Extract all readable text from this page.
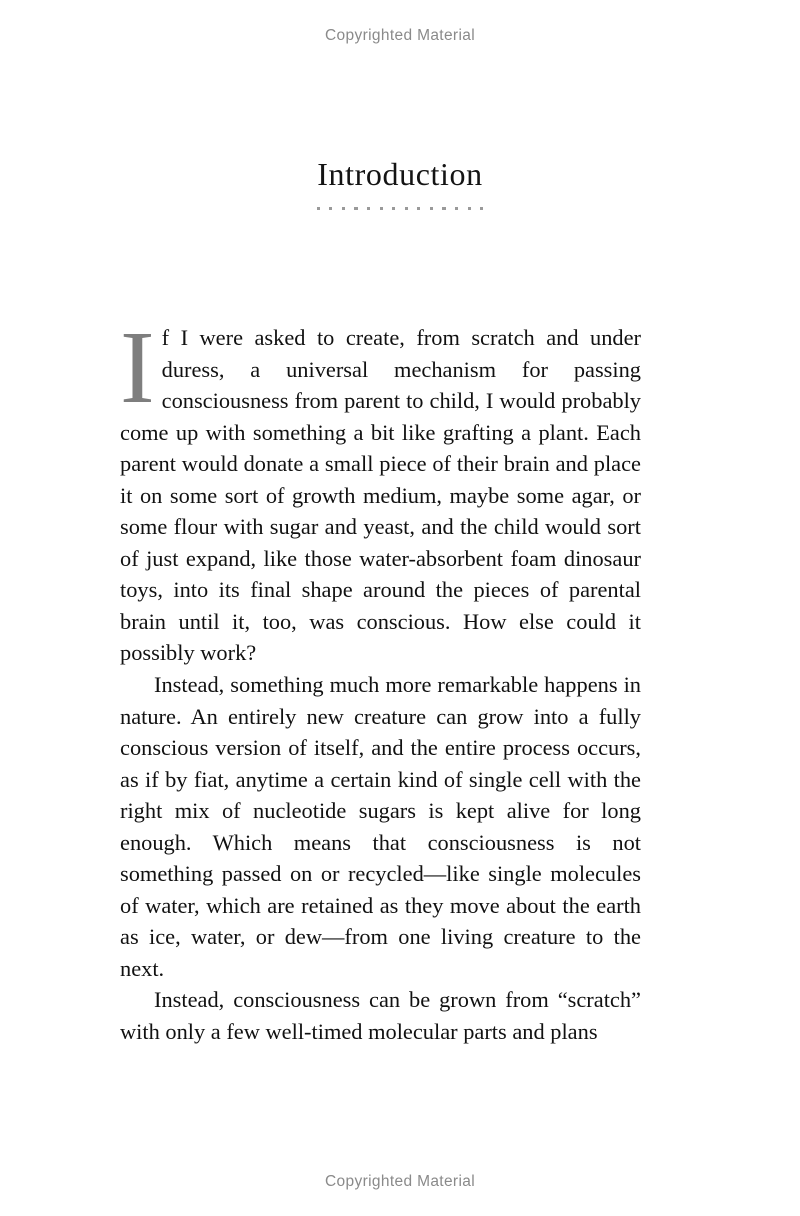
Copyrighted Material
Introduction

If I were asked to create, from scratch and under duress, a universal mechanism for passing consciousness from parent to child, I would probably come up with something a bit like grafting a plant. Each parent would donate a small piece of their brain and place it on some sort of growth medium, maybe some agar, or some flour with sugar and yeast, and the child would sort of just expand, like those water-absorbent foam dinosaur toys, into its final shape around the pieces of parental brain until it, too, was conscious. How else could it possibly work?

Instead, something much more remarkable happens in nature. An entirely new creature can grow into a fully conscious version of itself, and the entire process occurs, as if by fiat, anytime a certain kind of single cell with the right mix of nucleotide sugars is kept alive for long enough. Which means that consciousness is not something passed on or recycled—like single molecules of water, which are retained as they move about the earth as ice, water, or dew—from one living creature to the next.

Instead, consciousness can be grown from “scratch” with only a few well-timed molecular parts and plans

Copyrighted Material
